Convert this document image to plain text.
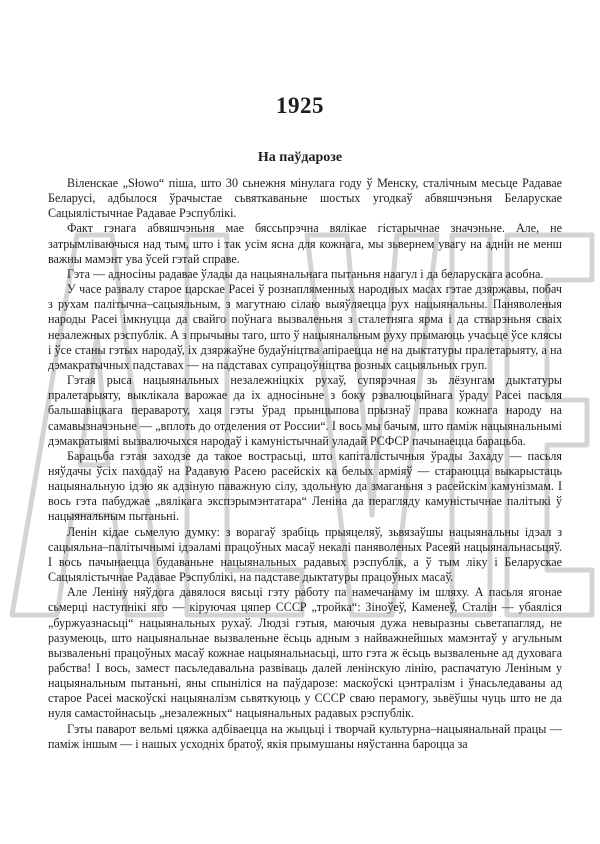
1925
На паўдарозе

Віленскае „Słowo“ піша, што 30 сьнежня мінулага году ў Менску, сталічным месьце Радавае Беларусі, адбылося ўрачыстае сьвяткаваньне шостых угодкаў абвяшчэньня Беларускае Сацыялістычнае Радавае Рэспублікі.

Факт гэнага абвяшчэньня мае бяссьпрэчна вялікае гістарычнае значэньне. Але, не затрымліваючыся над тым, што і так усім ясна для кожнага, мы зьвернем увагу на аднін не менш важны мамэнт ува ўсей гэтай справе.

Гэта — адносіны радавае ўлады да нацыянальнага пытаньня наагул і да беларускага асобна.

У часе развалу старое царскае Расеі ў рознапляменных народных масах гэтае дзяржавы, побач з рухам палітычна–сацыяльным, з магутнаю сілаю выяўляецца рух нацыянальны. Паняволеныя народы Расеі імкнуцца да свайго поўнага вызваленьня з сталетняга ярма і да стварэньня сваіх незалежных рэспублік. А з прычыны таго, што ў нацыянальным руху прымаюць учасьце ўсе клясы і ўсе станы гэтых народаў, іх дзяржаўне будаўніцтва апіраецца не на дыктатуры пралетарыяту, а на дэмакратычных падставах — на падставах супрацоўніцтва розных сацыяльных груп.

Гэтая рыса нацыянальных незалежніцкіх рухаў, супярэчная зь лёзунгам дыктатуры пралетарыяту, выклікала варожае да іх адносіньне з боку рэвалюцыйнага ўраду Расеі пасьля бальшавіцкага перавароту, хаця гэты ўрад прынцыпова прызнаў права кожнага народу на самавызначэньне — „вплоть до отделения от России“. І вось мы бачым, што паміж нацыянальнымі дэмакратыямі вызвалючыхся народаў і камуністычнай уладай РСФСР пачынаецца барацьба.

Барацьба гэтая заходзе да такое вострасьці, што капіталістычныя ўрады Захаду — пасьля няўдачы ўсіх паходаў на Радавую Расею расейскіх ка белых арміяў — стараюцца выкарыстаць нацыянальную ідэю як адзіную паважную сілу, здольную да змаганьня з расейскім камунізмам. І вось гэта пабуджае „вялікага экспэрымэнтатара“ Леніна да перагляду камуністычнае палітыкі ў нацыянальным пытаньні.

Ленін кідае сьмелую думку: з ворагаў зрабіць прыяцеляў, зьвязаўшы нацыянальны ідэал з сацыяльна–палітычнымі ідэаламі працоўных масаў некалі паняволеных Расеяй нацыянальнасьцяў. І вось пачынаецца будаваньне нацыянальных радавых рэспублік, а ў тым ліку і Беларускае Сацыялістычнае Радавае Рэспублікі, на падставе дыктатуры працоўных масаў.

Але Леніну няўдога давялося вясьці гэту работу па намечанаму ім шляху. А пасьля ягонае сьмерці наступнікі яго — кіруючая цяпер СССР „тройка“: Зіноўеў, Каменеў, Сталін — убаяліся „буржуазнасьці“ нацыянальных рухаў. Людзі гэтыя, маючыя дужа невыразны сьветапагляд, не разумеюць, што нацыянальнае вызваленьне ёсьць адным з найважнейшых мамэнтаў у агульным вызваленьні працоўных масаў кожнае нацыянальнасьці, што гэта ж ёсьць вызваленьне ад духовага рабства! І вось, замест пасьледавальна развіваць далей ленінскую лінію, распачатую Леніным у нацыянальным пытаньні, яны спыніліся на паўдарозе: маскоўскі цэнтралізм і ўнасьледаваны ад старое Расеі маскоўскі нацыяналізм сьвяткуюць у СССР сваю перамогу, зьвёўшы чуць што не да нуля самастойнасьць „незалежных“ нацыянальных радавых рэспублік.

Гэты паварот вельмі цяжка адбіваецца на жыцьці і творчай культурна–нацыянальнай працы — паміж іншым — і нашых усходніх братоў, якія прымушаны няўстанна бароцца за
